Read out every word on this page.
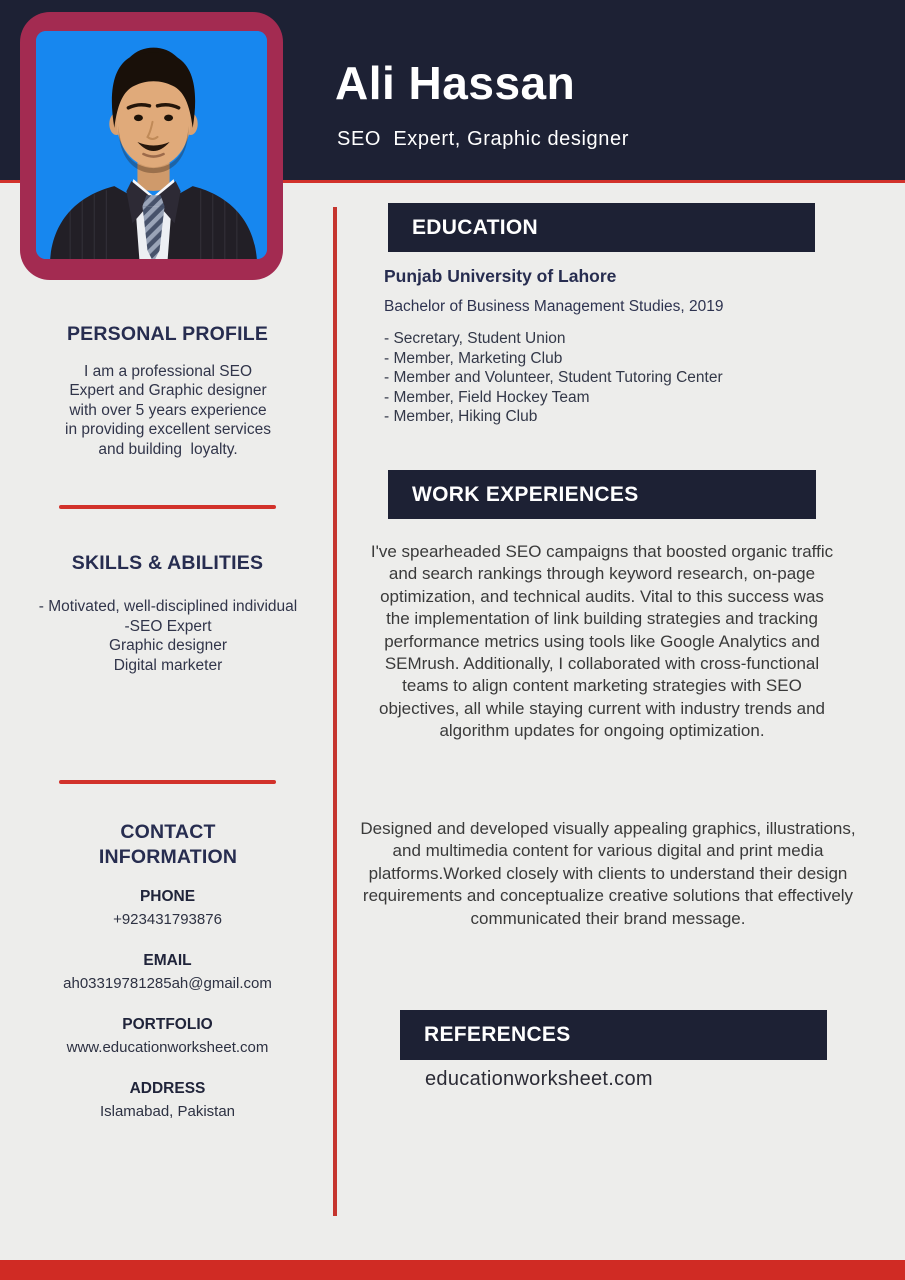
Ali Hassan
SEO  Expert, Graphic designer
PERSONAL PROFILE

I am a professional SEO Expert and Graphic designer with over 5 years experience in providing excellent services and building  loyalty.

SKILLS & ABILITIES
- Motivated, well-disciplined individual
-SEO Expert
Graphic designer
Digital marketer
CONTACT INFORMATION
PHONE
+923431793876
EMAIL
ah03319781285ah@gmail.com
PORTFOLIO
www.educationworksheet.com
ADDRESS
Islamabad, Pakistan
EDUCATION
Punjab University of Lahore
Bachelor of Business Management Studies, 2019
- Secretary, Student Union
- Member, Marketing Club
- Member and Volunteer, Student Tutoring Center
- Member, Field Hockey Team
- Member, Hiking Club
WORK EXPERIENCES

I've spearheaded SEO campaigns that boosted organic traffic and search rankings through keyword research, on-page optimization, and technical audits. Vital to this success was the implementation of link building strategies and tracking performance metrics using tools like Google Analytics and SEMrush. Additionally, I collaborated with cross-functional teams to align content marketing strategies with SEO objectives, all while staying current with industry trends and algorithm updates for ongoing optimization.

Designed and developed visually appealing graphics, illustrations, and multimedia content for various digital and print media platforms.Worked closely with clients to understand their design requirements and conceptualize creative solutions that effectively communicated their brand message.

REFERENCES
educationworksheet.com
